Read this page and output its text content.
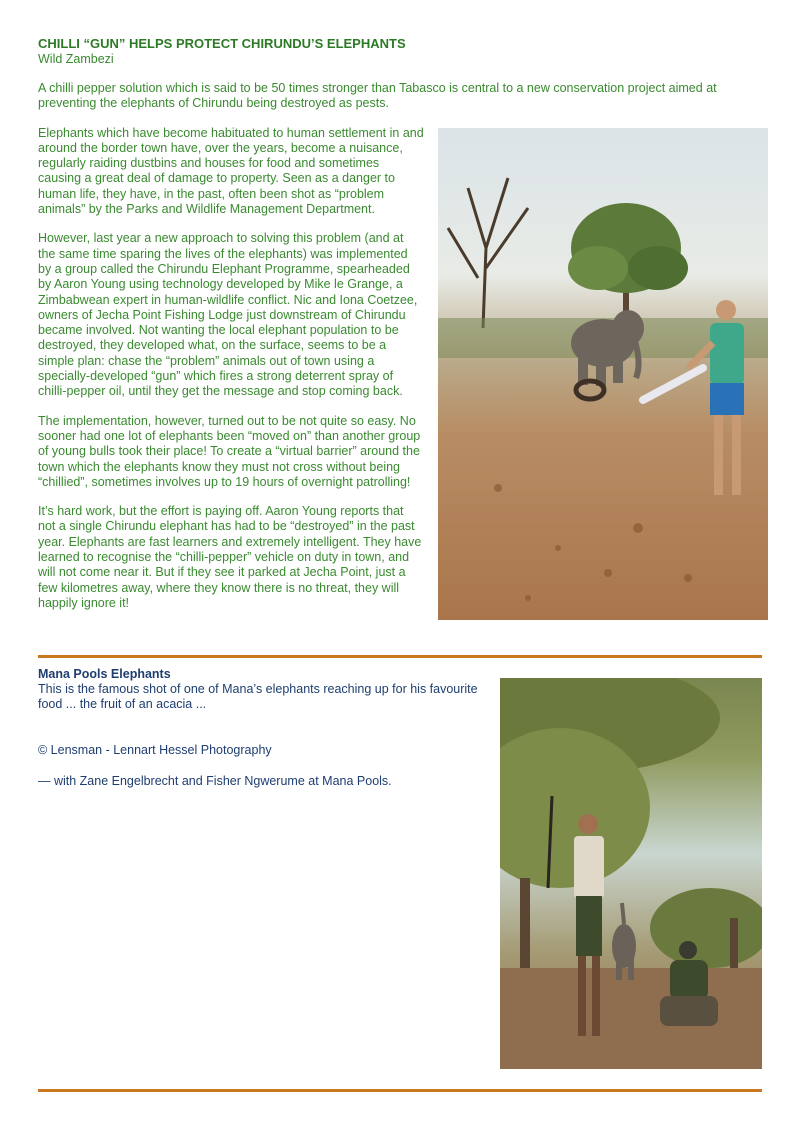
CHILLI “GUN” HELPS PROTECT CHIRUNDU’S ELEPHANTS

Wild Zambezi

A chilli pepper solution which is said to be 50 times stronger than Tabasco is central to a new conservation project aimed at preventing the elephants of Chirundu being destroyed as pests.

Elephants which have become habituated to human settlement in and around the border town have, over the years, become a nuisance, regularly raiding dustbins and houses for food and sometimes causing a great deal of damage to property. Seen as a danger to human life, they have, in the past, often been shot as “problem animals” by the Parks and Wildlife Management Department.

However, last year a new approach to solving this problem (and at the same time sparing the lives of the elephants) was implemented by a group called the Chirundu Elephant Programme, spearheaded by Aaron Young using technology developed by Mike le Grange, a Zimbabwean expert in human-wildlife conflict. Nic and Iona Coetzee, owners of Jecha Point Fishing Lodge just downstream of Chirundu became involved. Not wanting the local elephant population to be destroyed, they developed what, on the surface, seems to be a simple plan: chase the “problem” animals out of town using a specially-developed “gun” which fires a strong deterrent spray of chilli-pepper oil, until they get the message and stop coming back.

The implementation, however, turned out to be not quite so easy. No sooner had one lot of elephants been “moved on” than another group of young bulls took their place! To create a “virtual barrier” around the town which the elephants know they must not cross without being “chillied”, sometimes involves up to 19 hours of overnight patrolling!

It’s hard work, but the effort is paying off. Aaron Young reports that not a single Chirundu elephant has had to be “destroyed” in the past year. Elephants are fast learners and extremely intelligent. They have learned to recognise the “chilli-pepper” vehicle on duty in town, and will not come near it. But if they see it parked at Jecha Point, just a few kilometres away, where they know there is no threat, they will happily ignore it!

Mana Pools Elephants

This is the famous shot of one of Mana’s elephants reaching up for his favourite food ... the fruit of an acacia ...

© Lensman - Lennart Hessel Photography

— with Zane Engelbrecht and Fisher Ngwerume at Mana Pools.
